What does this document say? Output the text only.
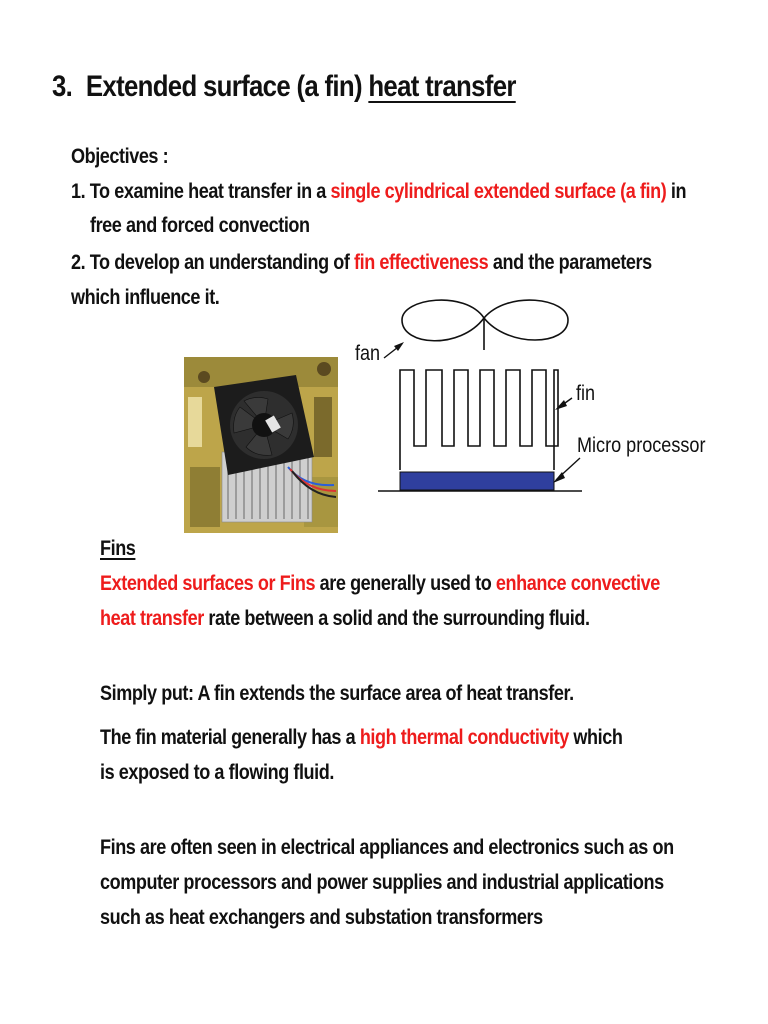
3. Extended surface (a fin) heat transfer
Objectives :
1. To examine heat transfer in a single cylindrical extended surface (a fin) in
free and forced convection
2. To develop an understanding of fin effectiveness and the parameters
which influence it.
fan
fin
Micro processor
Fins
Extended surfaces or Fins are generally used to enhance convective
heat transfer rate between a solid and the surrounding fluid.
Simply put: A fin extends the surface area of heat transfer.
The fin material generally has a high thermal conductivity which
is exposed to a flowing fluid.
Fins are often seen in electrical appliances and electronics such as on
computer processors and power supplies and industrial applications
such as heat exchangers and substation transformers
